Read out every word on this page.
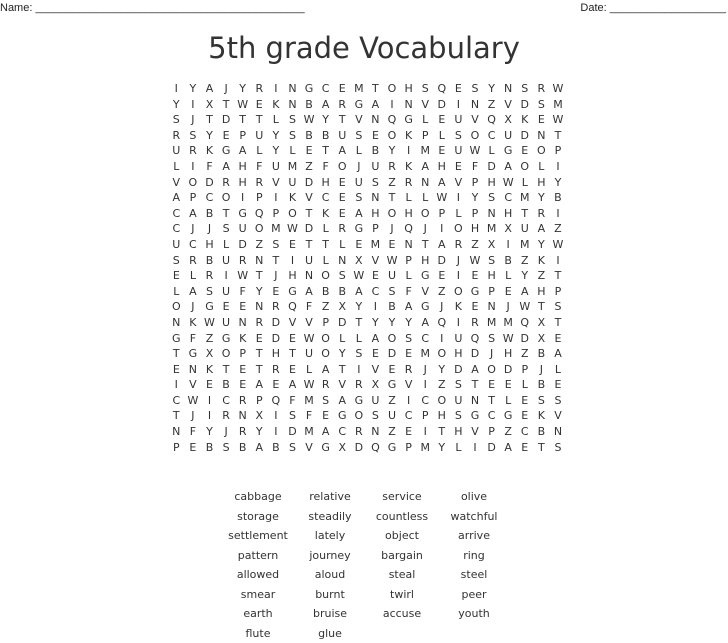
Name: ____________________________________________	Date: ___________________
5th grade Vocabulary
I Y A J Y R I N G C E M T O H S Q E S Y N S R W
Y I X T W E K N B A R G A I N V D I N Z V D S M
S J T D T T L S W Y T V N Q G L E U V Q X K E W
R S Y E P U Y S B B U S E O K P L S O C U D N T
U R K G A L Y L E T A L B Y I M E U W L G E O P
L I F A H F U M Z F O J U R K A H E F D A O L I
V O D R H R V U D H E U S Z R N A V P H W L H Y
A P C O I P I K V C E S N T L L W I Y S C M Y B
C A B T G Q P O T K E A H O H O P L P N H T R I
C J J S U O M W D L R G P J Q J I O H M X U A Z
U C H L D Z S E T T L E M E N T A R Z X I M Y W
S R B U R N T I U L N X V W P H D J W S B Z K I
E L R I W T J H N O S W E U L G E I E H L Y Z T
L A S U F Y E G A B B A C S F V Z O G P E A H P
O J G E E N R Q F Z X Y I B A G J K E N J W T S
N K W U N R D V V P D T Y Y Y A Q I R M M Q X T
G F Z G K E D E W O L L A O S C I U Q S W D X E
T G X O P T H T U O Y S E D E M O H D J H Z B A
E N K T E T R E L A T I V E R J Y D A O D P J L
I V E B E A E A W R V R X G V I Z S T E E L B E
C W I C R P Q F M S A G U Z I C O U N T L E S S
T J I R N X I S F E G O S U C P H S G C G E K V
N F Y J R Y I D M A C R N Z E I T H V P Z C B N
P E B S B A B S V G X D Q G P M Y L I D A E T S
cabbage	relative	service	olive
storage	steadily countless watchful
settlement lately	object	arrive
pattern	journey	bargain	ring
allowed	aloud	steal	steel
smear	burnt	twirl	peer
earth	bruise	accuse	youth
flute	glue
